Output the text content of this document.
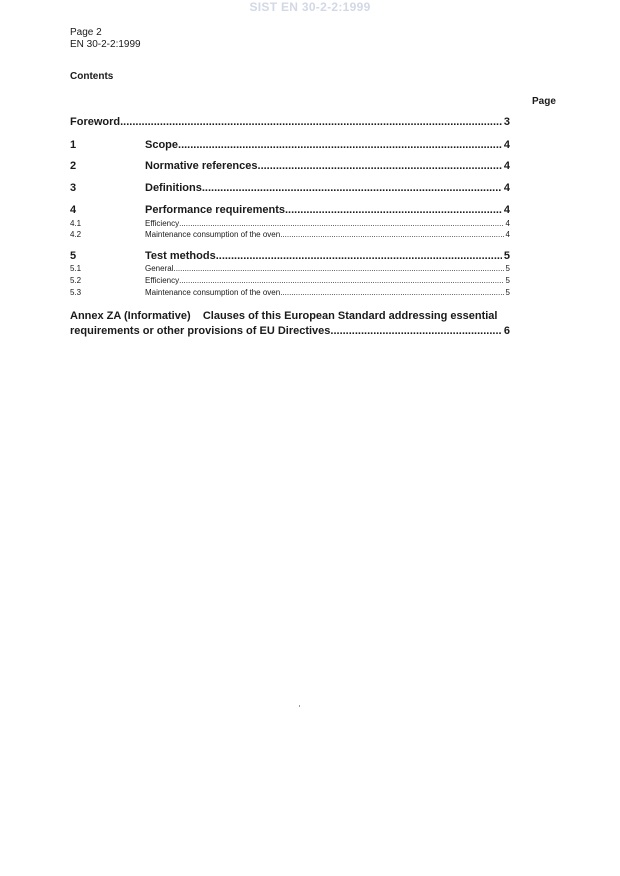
SIST EN 30-2-2:1999
Page 2
EN 30-2-2:1999
Contents
Page
Foreword .....	3
1	Scope .....	4
2	Normative references .....	4
3	Definitions .....	4
4	Performance requirements .....	4
4.1	Efficiency .....	4
4.2	Maintenance consumption of the oven .....	4
5	Test methods .....	5
5.1	General .....	5
5.2	Efficiency .....	5
5.3	Maintenance consumption of the oven .....	5
Annex ZA (Informative) Clauses of this European Standard addressing essential
requirements or other provisions of EU Directives .....	6
